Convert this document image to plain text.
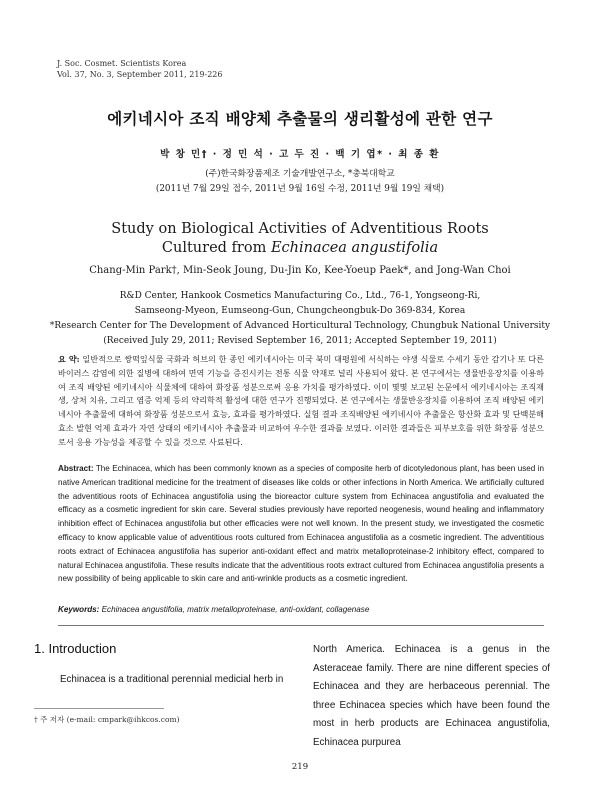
J. Soc. Cosmet. Scientists Korea
Vol. 37, No. 3, September 2011, 219-226
에키네시아 조직 배양체 추출물의 생리활성에 관한 연구
박 창 민† · 정 민 석 · 고 두 진 · 백 기 엽* · 최 종 환
(주)한국화장품제조 기술개발연구소, *충북대학교
(2011년 7월 29일 접수, 2011년 9월 16일 수정, 2011년 9월 19일 채택)
Study on Biological Activities of Adventitious Roots
Cultured from Echinacea angustifolia
Chang-Min Park†, Min-Seok Joung, Du-Jin Ko, Kee-Yoeup Paek*, and Jong-Wan Choi
R&D Center, Hankook Cosmetics Manufacturing Co., Ltd., 76-1, Yongseong-Ri,
Samseong-Myeon, Eumseong-Gun, Chungcheongbuk-Do 369-834, Korea
*Research Center for The Development of Advanced Horticultural Technology, Chungbuk National University
(Received July 29, 2011; Revised September 16, 2011; Accepted September 19, 2011)
요 약: 일반적으로 쌍떡잎식물 국화과 허브의 한 종인 에키네시아는 미국 북미 대평원에 서식하는 야생 식물로 수세기 동안 감기나 또 다른 바이러스 감염에 의한 질병에 대하여 면역 기능을 증진시키는 전통 식물 약재로 널리 사용되어 왔다. 본 연구에서는 생물반응장치를 이용하여 조직 배양된 에키네시아 식물체에 대하여 화장품 성분으로써 응용 가치를 평가하였다. 이미 몇몇 보고된 논문에서 에키네시아는 조직재생, 상처 치유, 그리고 염증 억제 등의 약리학적 활성에 대한 연구가 진행되었다. 본 연구에서는 생물반응장치를 이용하여 조직 배양된 에키네시아 추출물에 대하여 화장품 성분으로서 효능, 효과를 평가하였다. 실험 결과 조직배양된 에키네시아 추출물은 항산화 효과 및 단백분해효소 발현 억제 효과가 자연 상태의 에키네시아 추출물과 비교하여 우수한 결과를 보였다. 이러한 결과들은 피부보호를 위한 화장품 성분으로서 응용 가능성을 제공할 수 있을 것으로 사료된다.
Abstract: The Echinacea, which has been commonly known as a species of composite herb of dicotyledonous plant, has been used in native American traditional medicine for the treatment of diseases like colds or other infections in North America. We artificially cultured the adventitious roots of Echinacea angustifolia using the bioreactor culture system from Echinacea angustifolia and evaluated the efficacy as a cosmetic ingredient for skin care. Several studies previously have reported neogenesis, wound healing and inflammatory inhibition effect of Echinacea angustifolia but other efficacies were not well known. In the present study, we investigated the cosmetic efficacy to know applicable value of adventitious roots cultured from Echinacea angustifolia as a cosmetic ingredient. The adventitious roots extract of Echinacea angustifolia has superior anti-oxidant effect and matrix metalloproteinase-2 inhibitory effect, compared to natural Echinacea angustifolia. These results indicate that the adventitious roots extract cultured from Echinacea angustifolia presents a new possibility of being applicable to skin care and anti-wrinkle products as a cosmetic ingredient.
Keywords: Echinacea angustifolia, matrix metalloproteinase, anti-oxidant, collagenase
1. Introduction
Echinacea is a traditional perennial medicial herb in
North America. Echinacea is a genus in the Asteraceae family. There are nine different species of Echinacea and they are herbaceous perennial. The three Echinacea species which have been found the most in herb products are Echinacea angustifolia, Echinacea purpurea
† 주 저자 (e-mail: cmpark@ihkcos.com)
219
